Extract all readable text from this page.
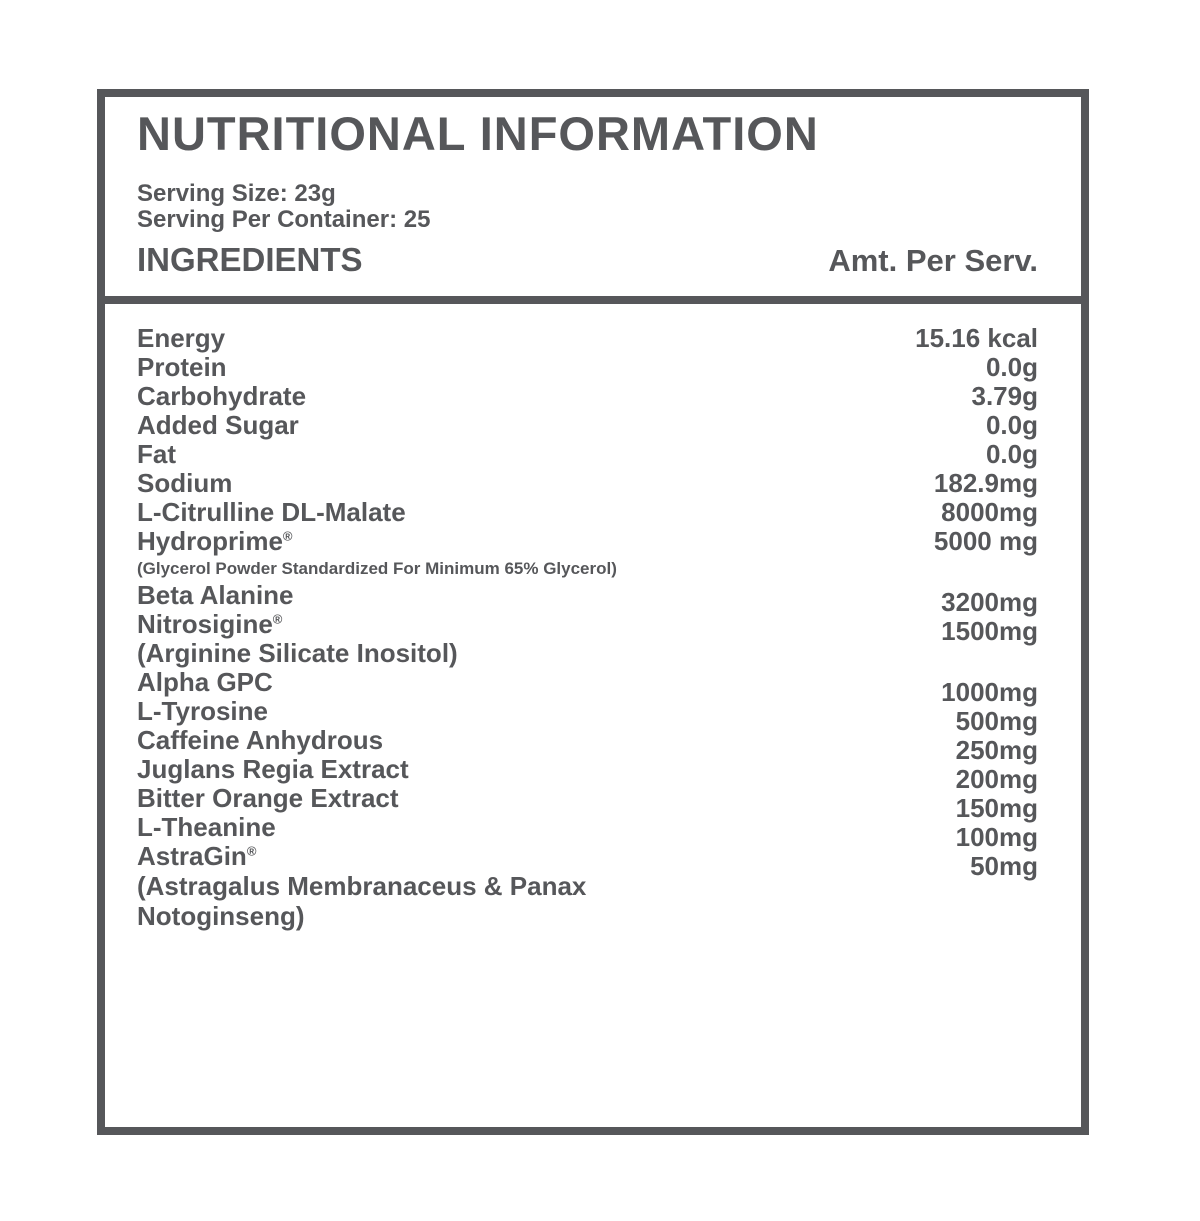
NUTRITIONAL INFORMATION
Serving Size: 23g
Serving Per Container: 25
INGREDIENTS	Amt. Per Serv.
Energy
Protein
Carbohydrate
Added Sugar
Fat
Sodium
L-Citrulline DL-Malate
Hydroprime®
(Glycerol Powder Standardized For Minimum 65% Glycerol)
Beta Alanine
Nitrosigine®
(Arginine Silicate Inositol)
Alpha GPC
L-Tyrosine
Caffeine Anhydrous
Juglans Regia Extract
Bitter Orange Extract
L-Theanine
AstraGin®
(Astragalus Membranaceus & Panax Notoginseng)
15.16 kcal
0.0g
3.79g
0.0g
0.0g
182.9mg
8000mg
5000 mg
3200mg
1500mg
1000mg
500mg
250mg
200mg
150mg
100mg
50mg
